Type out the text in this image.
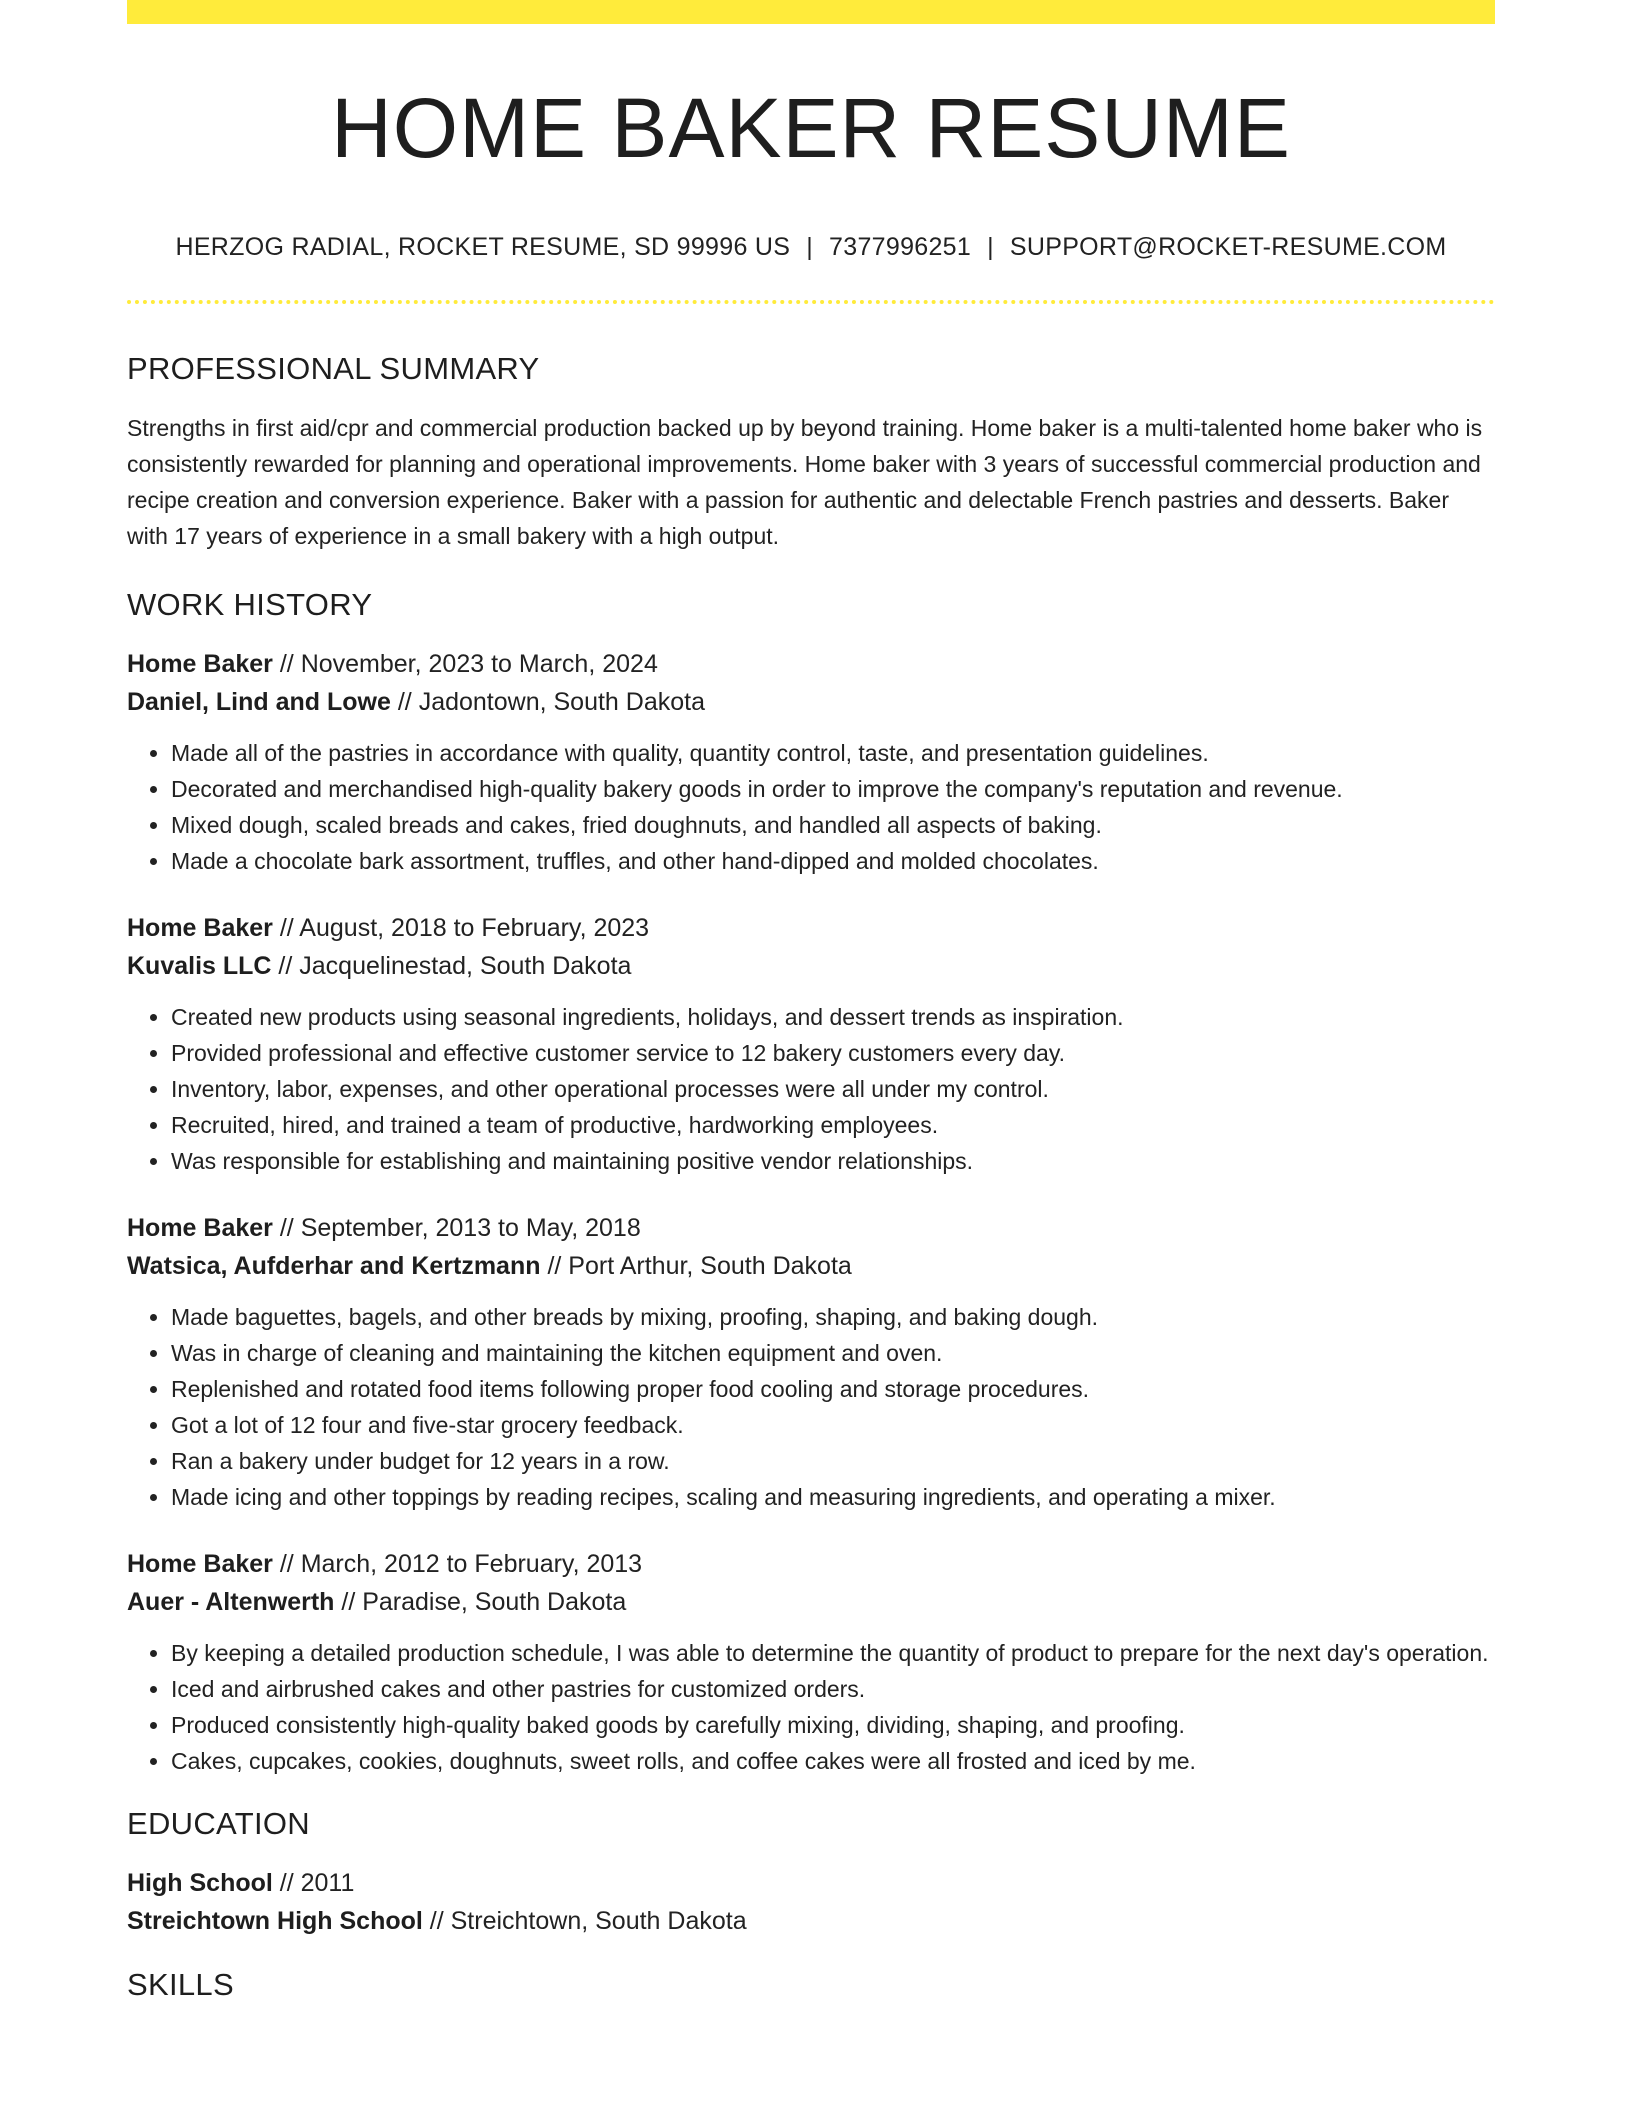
HOME BAKER RESUME
HERZOG RADIAL, ROCKET RESUME, SD 99996 US | 7377996251 | SUPPORT@ROCKET-RESUME.COM
PROFESSIONAL SUMMARY

Strengths in first aid/cpr and commercial production backed up by beyond training. Home baker is a multi-talented home baker who is consistently rewarded for planning and operational improvements. Home baker with 3 years of successful commercial production and recipe creation and conversion experience. Baker with a passion for authentic and delectable French pastries and desserts. Baker with 17 years of experience in a small bakery with a high output.

WORK HISTORY
Home Baker // November, 2023 to March, 2024
Daniel, Lind and Lowe // Jadontown, South Dakota
• Made all of the pastries in accordance with quality, quantity control, taste, and presentation guidelines.
• Decorated and merchandised high-quality bakery goods in order to improve the company's reputation and revenue.
• Mixed dough, scaled breads and cakes, fried doughnuts, and handled all aspects of baking.
• Made a chocolate bark assortment, truffles, and other hand-dipped and molded chocolates.
Home Baker // August, 2018 to February, 2023
Kuvalis LLC // Jacquelinestad, South Dakota
• Created new products using seasonal ingredients, holidays, and dessert trends as inspiration.
• Provided professional and effective customer service to 12 bakery customers every day.
• Inventory, labor, expenses, and other operational processes were all under my control.
• Recruited, hired, and trained a team of productive, hardworking employees.
• Was responsible for establishing and maintaining positive vendor relationships.
Home Baker // September, 2013 to May, 2018
Watsica, Aufderhar and Kertzmann // Port Arthur, South Dakota
• Made baguettes, bagels, and other breads by mixing, proofing, shaping, and baking dough.
• Was in charge of cleaning and maintaining the kitchen equipment and oven.
• Replenished and rotated food items following proper food cooling and storage procedures.
• Got a lot of 12 four and five-star grocery feedback.
• Ran a bakery under budget for 12 years in a row.
• Made icing and other toppings by reading recipes, scaling and measuring ingredients, and operating a mixer.
Home Baker // March, 2012 to February, 2013
Auer - Altenwerth // Paradise, South Dakota
• By keeping a detailed production schedule, I was able to determine the quantity of product to prepare for the next day's operation.
• Iced and airbrushed cakes and other pastries for customized orders.
• Produced consistently high-quality baked goods by carefully mixing, dividing, shaping, and proofing.
• Cakes, cupcakes, cookies, doughnuts, sweet rolls, and coffee cakes were all frosted and iced by me.
EDUCATION
High School // 2011
Streichtown High School // Streichtown, South Dakota
SKILLS
